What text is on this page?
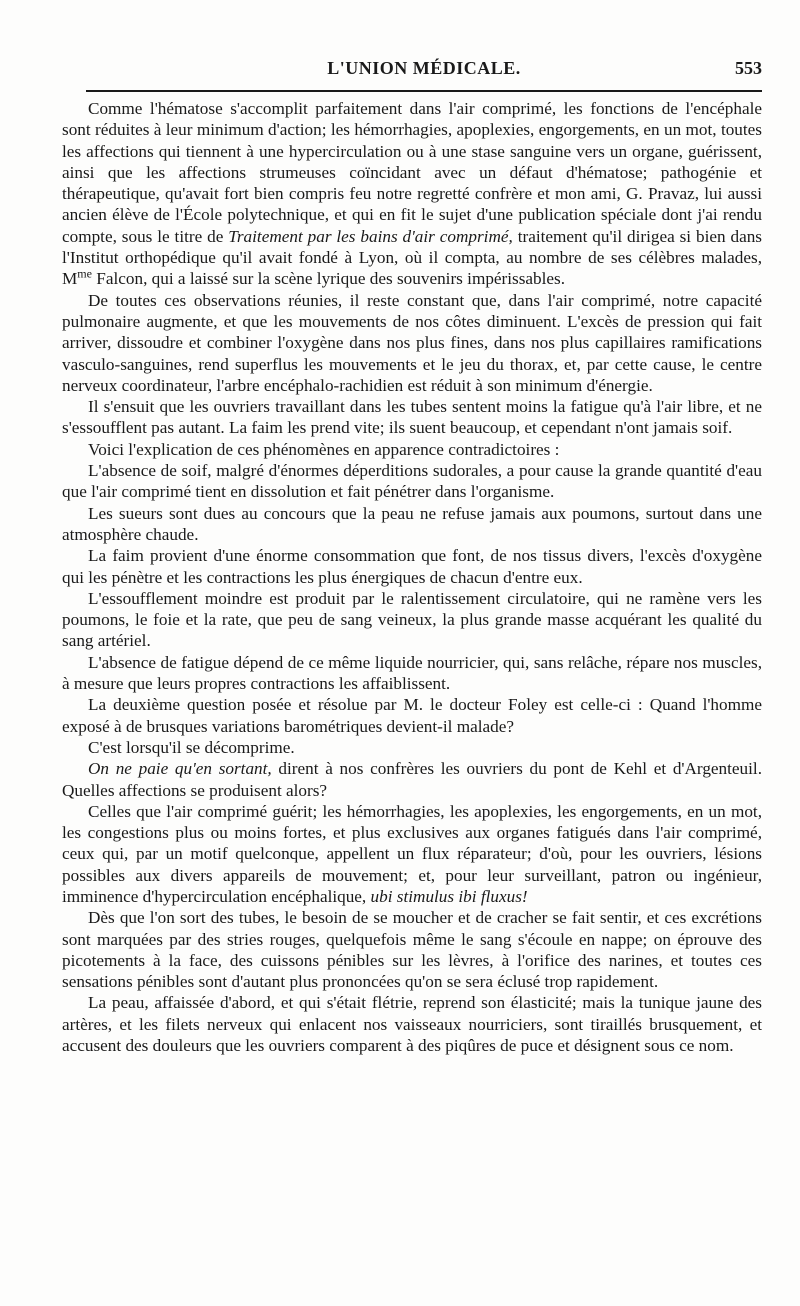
L'UNION MÉDICALE.	553

Comme l'hématose s'accomplit parfaitement dans l'air comprimé, les fonctions de l'encéphale sont réduites à leur minimum d'action; les hémorrhagies, apoplexies, engorgements, en un mot, toutes les affections qui tiennent à une hypercirculation ou à une stase sanguine vers un organe, guérissent, ainsi que les affections strumeuses coïncidant avec un défaut d'hématose; pathogénie et thérapeutique, qu'avait fort bien compris feu notre regretté confrère et mon ami, G. Pravaz, lui aussi ancien élève de l'École polytechnique, et qui en fit le sujet d'une publication spéciale dont j'ai rendu compte, sous le titre de Traitement par les bains d'air comprimé, traitement qu'il dirigea si bien dans l'Institut orthopédique qu'il avait fondé à Lyon, où il compta, au nombre de ses célèbres malades, $M^{me}$ Falcon, qui a laissé sur la scène lyrique des souvenirs impérissables.

De toutes ces observations réunies, il reste constant que, dans l'air comprimé, notre capacité pulmonaire augmente, et que les mouvements de nos côtes diminuent. L'excès de pression qui fait arriver, dissoudre et combiner l'oxygène dans nos plus fines, dans nos plus capillaires ramifications vasculo-sanguines, rend superflus les mouvements et le jeu du thorax, et, par cette cause, le centre nerveux coordinateur, l'arbre encéphalo-rachidien est réduit à son minimum d'énergie.

Il s'ensuit que les ouvriers travaillant dans les tubes sentent moins la fatigue qu'à l'air libre, et ne s'essoufflent pas autant. La faim les prend vite; ils suent beaucoup, et cependant n'ont jamais soif.

Voici l'explication de ces phénomènes en apparence contradictoires :

L'absence de soif, malgré d'énormes déperditions sudorales, a pour cause la grande quantité d'eau que l'air comprimé tient en dissolution et fait pénétrer dans l'organisme.

Les sueurs sont dues au concours que la peau ne refuse jamais aux poumons, surtout dans une atmosphère chaude.

La faim provient d'une énorme consommation que font, de nos tissus divers, l'excès d'oxygène qui les pénètre et les contractions les plus énergiques de chacun d'entre eux.

L'essoufflement moindre est produit par le ralentissement circulatoire, qui ne ramène vers les poumons, le foie et la rate, que peu de sang veineux, la plus grande masse acquérant les qualité du sang artériel.

L'absence de fatigue dépend de ce même liquide nourricier, qui, sans relâche, répare nos muscles, à mesure que leurs propres contractions les affaiblissent.

La deuxième question posée et résolue par M. le docteur Foley est celle-ci : Quand l'homme exposé à de brusques variations barométriques devient-il malade?

C'est lorsqu'il se décomprime.

On ne paie qu'en sortant, dirent à nos confrères les ouvriers du pont de Kehl et d'Argenteuil. Quelles affections se produisent alors?

Celles que l'air comprimé guérit; les hémorrhagies, les apoplexies, les engorgements, en un mot, les congestions plus ou moins fortes, et plus exclusives aux organes fatigués dans l'air comprimé, ceux qui, par un motif quelconque, appellent un flux réparateur; d'où, pour les ouvriers, lésions possibles aux divers appareils de mouvement; et, pour leur surveillant, patron ou ingénieur, imminence d'hypercirculation encéphalique, ubi stimulus ibi fluxus!

Dès que l'on sort des tubes, le besoin de se moucher et de cracher se fait sentir, et ces excrétions sont marquées par des stries rouges, quelquefois même le sang s'écoule en nappe; on éprouve des picotements à la face, des cuissons pénibles sur les lèvres, à l'orifice des narines, et toutes ces sensations pénibles sont d'autant plus prononcées qu'on se sera éclusé trop rapidement.

La peau, affaissée d'abord, et qui s'était flétrie, reprend son élasticité; mais la tunique jaune des artères, et les filets nerveux qui enlacent nos vaisseaux nourriciers, sont tiraillés brusquement, et accusent des douleurs que les ouvriers comparent à des piqûres de puce et désignent sous ce nom.
